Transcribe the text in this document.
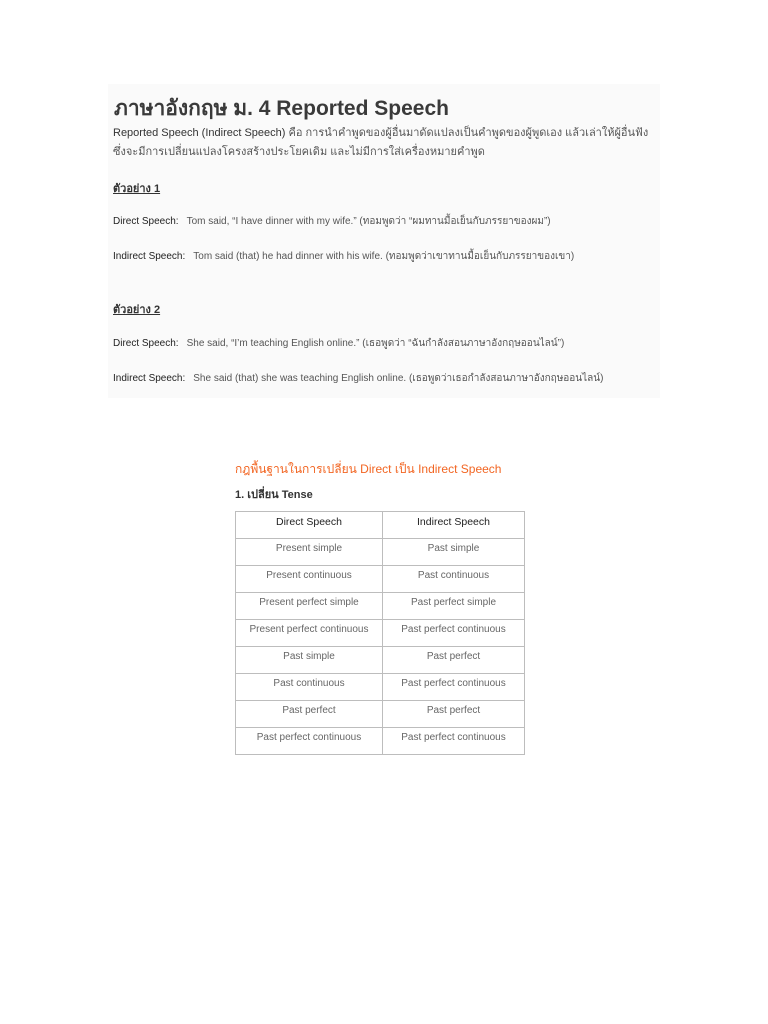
ภาษาอังกฤษ ม. 4 Reported Speech

Reported Speech (Indirect Speech) คือ การนำคำพูดของผู้อื่นมาดัดแปลงเป็นคำพูดของผู้พูดเอง แล้วเล่าให้ผู้อื่นฟัง ซึ่งจะมีการเปลี่ยนแปลงโครงสร้างประโยคเดิม และไม่มีการใส่เครื่องหมายคำพูด

ตัวอย่าง 1
Direct Speech: Tom said, “I have dinner with my wife.” (ทอมพูดว่า “ผมทานมื้อเย็นกับภรรยาของผม”)
Indirect Speech: Tom said (that) he had dinner with his wife. (ทอมพูดว่าเขาทานมื้อเย็นกับภรรยาของเขา)
ตัวอย่าง 2
Direct Speech: She said, “I’m teaching English online.” (เธอพูดว่า “ฉันกำลังสอนภาษาอังกฤษออนไลน์”)
Indirect Speech: She said (that) she was teaching English online. (เธอพูดว่าเธอกำลังสอนภาษาอังกฤษออนไลน์)
กฎพื้นฐานในการเปลี่ยน Direct เป็น Indirect Speech
1. เปลี่ยน Tense
Direct Speech	Indirect Speech
Present simple	Past simple
Present continuous	Past continuous
Present perfect simple	Past perfect simple
Present perfect continuous	Past perfect continuous
Past simple	Past perfect
Past continuous	Past perfect continuous
Past perfect	Past perfect
Past perfect continuous	Past perfect continuous
